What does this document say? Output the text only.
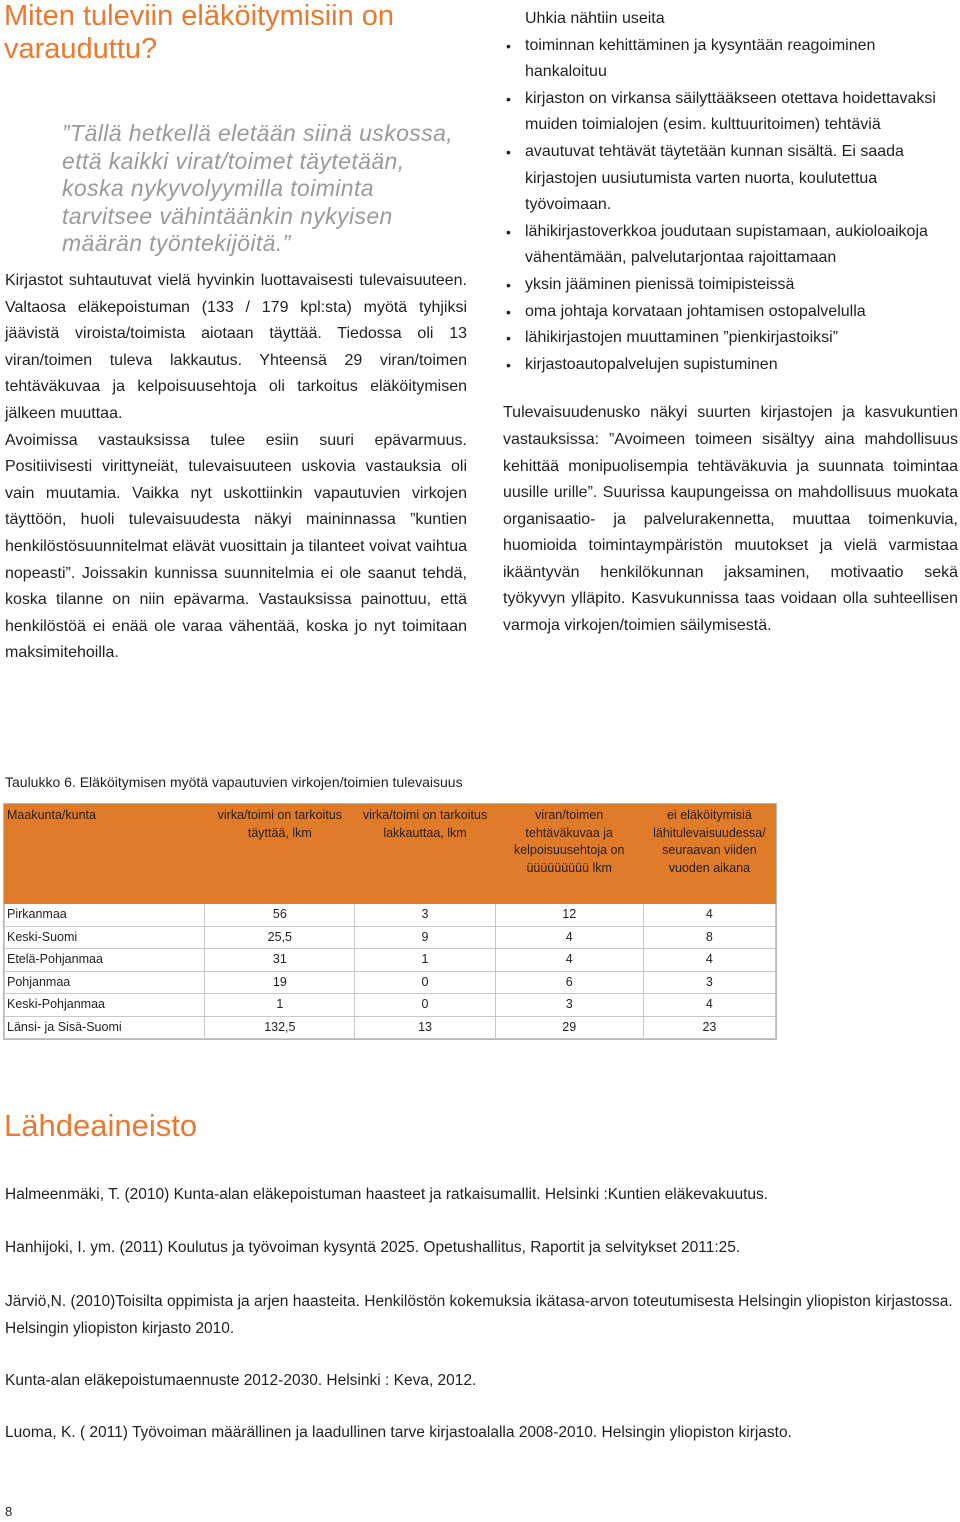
Miten tuleviin eläköitymisiin on
varauduttu?
”Tällä hetkellä eletään siinä uskossa, että kaikki virat/toimet täytetään, koska nykyvolyymilla toiminta tarvitsee vähintäänkin nykyisen määrän työntekijöitä.”

Kirjastot suhtautuvat vielä hyvinkin luottavaisesti tulevaisuuteen. Valtaosa eläkepoistuman (133 / 179 kpl:sta) myötä tyhjiksi jäävistä viroista/toimista aiotaan täyttää. Tiedossa oli 13 viran/toimen tuleva lakkautus. Yhteensä 29 viran/toimen tehtäväkuvaa ja kelpoisuusehtoja oli tarkoitus eläköitymisen jälkeen muuttaa.

Avoimissa vastauksissa tulee esiin suuri epävarmuus. Positiivisesti virittyneiät, tulevaisuuteen uskovia vastauksia oli vain muutamia. Vaikka nyt uskottiinkin vapautuvien virkojen täyttöön, huoli tulevaisuudesta näkyi maininnassa ”kuntien henkilöstösuunnitelmat elävät vuosittain ja tilanteet voivat vaihtua nopeasti”. Joissakin kunnissa suunnitelmia ei ole saanut tehdä, koska tilanne on niin epävarma. Vastauksissa painottuu, että henkilöstöä ei enää ole varaa vähentää, koska jo nyt toimitaan maksimitehoilla.

Uhkia nähtiin useita

• toiminnan kehittäminen ja kysyntään reagoiminen hankaloituu
• kirjaston on virkansa säilyttääkseen otettava hoidettavaksi muiden toimialojen (esim. kulttuuritoimen) tehtäviä
• avautuvat tehtävät täytetään kunnan sisältä. Ei saada kirjastojen uusiutumista varten nuorta, koulutettua työvoimaan.
• lähikirjastoverkkoa joudutaan supistamaan, aukioloaikoja vähentämään, palvelutarjontaa rajoittamaan
• yksin jääminen pienissä toimipisteissä
• oma johtaja korvataan johtamisen ostopalvelulla
• lähikirjastojen muuttaminen ”pienkirjastoiksi”
• kirjastoautopalvelujen supistuminen

Tulevaisuudenusko näkyi suurten kirjastojen ja kasvukuntien vastauksissa: ”Avoimeen toimeen sisältyy aina mahdollisuus kehittää monipuolisempia tehtäväkuvia ja suunnata toimintaa uusille urille”. Suurissa kaupungeissa on mahdollisuus muokata organisaatio- ja palvelurakennetta, muuttaa toimenkuvia, huomioida toimintaympäristön muutokset ja vielä varmistaa ikääntyvän henkilökunnan jaksaminen, motivaatio sekä työkyvyn ylläpito. Kasvukunnissa taas voidaan olla suhteellisen varmoja virkojen/toimien säilymisestä.

Taulukko 6. Eläköitymisen myötä vapautuvien virkojen/toimien tulevaisuus
Maakunta/kunta	virka/toimi on tarkoitus täyttää, lkm	virka/toimi on tarkoitus lakkauttaa, lkm	viran/toimen tehtäväkuvaa ja kelpoisuusehtoja on üüüüüüüüü lkm	ei eläköitymisiä lähitulevaisuudessa/ seuraavan viiden vuoden aikana
Pirkanmaa	56	3	12	4
Keski-Suomi	25,5	9	4	8
Etelä-Pohjanmaa	31	1	4	4
Pohjanmaa	19	0	6	3
Keski-Pohjanmaa	1	0	3	4
Länsi- ja Sisä-Suomi	132,5	13	29	23
Lähdeaineisto
Halmeenmäki, T. (2010) Kunta-alan eläkepoistuman haasteet ja ratkaisumallit. Helsinki :Kuntien eläkevakuutus.
Hanhijoki, I. ym. (2011) Koulutus ja työvoiman kysyntä 2025. Opetushallitus, Raportit ja selvitykset 2011:25.
Järviö,N. (2010)Toisilta oppimista ja arjen haasteita. Henkilöstön kokemuksia ikätasa-arvon toteutumisesta Helsingin yliopiston kirjastossa. Helsingin yliopiston kirjasto 2010.
Kunta-alan eläkepoistumaennuste 2012-2030. Helsinki : Keva, 2012.
Luoma, K. ( 2011) Työvoiman määrällinen ja laadullinen tarve kirjastoalalla 2008-2010. Helsingin yliopiston kirjasto.
8
